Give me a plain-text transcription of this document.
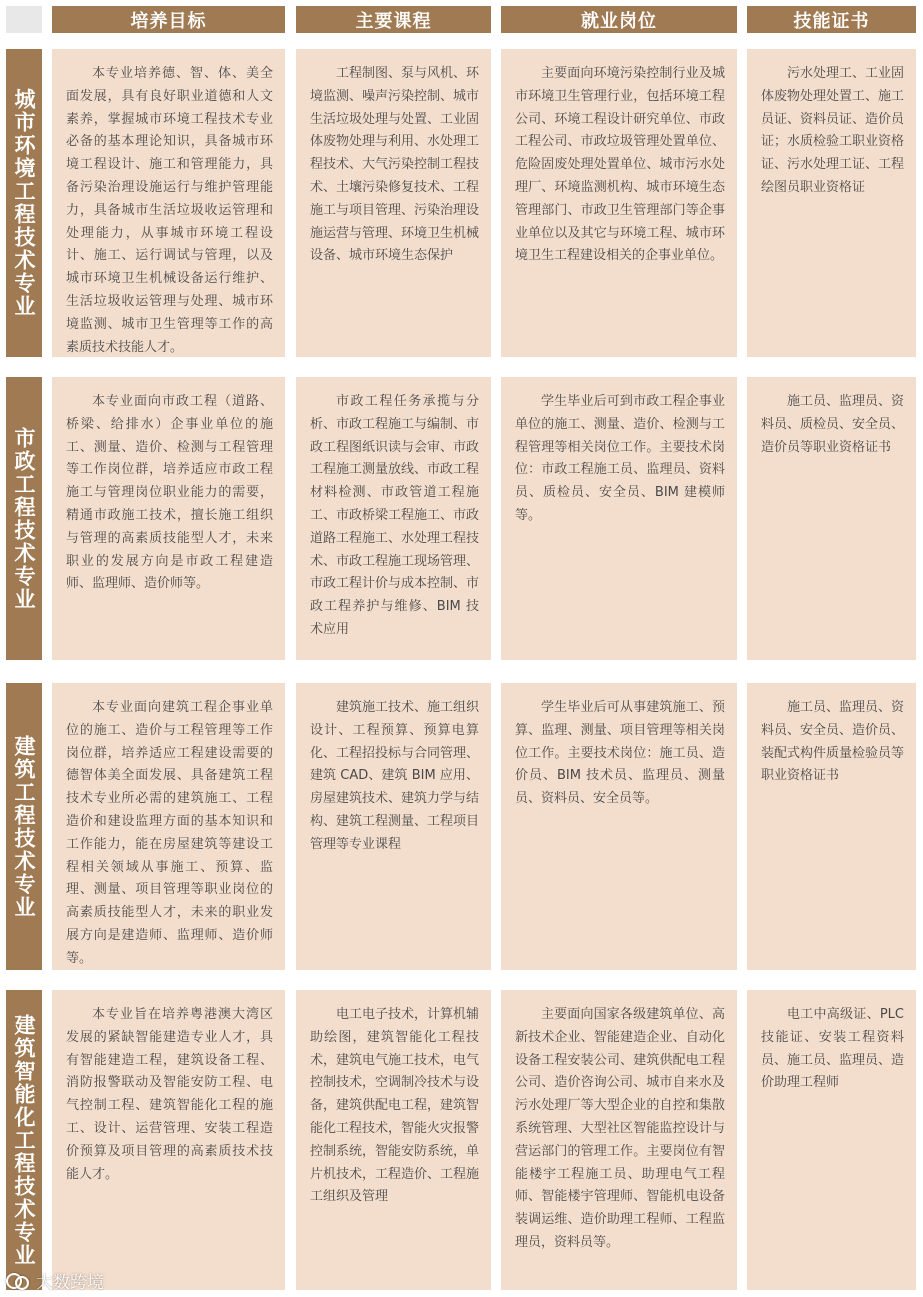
培养目标	主要课程	就业岗位	技能证书
城市环境工程技术专业
本专业培养德、智、体、美全面发展，具有良好职业道德和人文素养，掌握城市环境工程技术专业必备的基本理论知识，具备城市环境工程设计、施工和管理能力，具备污染治理设施运行与维护管理能力，具备城市生活垃圾收运管理和处理能力，从事城市环境工程设计、施工、运行调试与管理，以及城市环境卫生机械设备运行维护、生活垃圾收运管理与处理、城市环境监测、城市卫生管理等工作的高素质技术技能人才。
工程制图、泵与风机、环境监测、噪声污染控制、城市生活垃圾处理与处置、工业固体废物处理与利用、水处理工程技术、大气污染控制工程技术、土壤污染修复技术、工程施工与项目管理、污染治理设施运营与管理、环境卫生机械设备、城市环境生态保护
主要面向环境污染控制行业及城市环境卫生管理行业，包括环境工程公司、环境工程设计研究单位、市政工程公司、市政垃圾管理处置单位、危险固废处理处置单位、城市污水处理厂、环境监测机构、城市环境生态管理部门、市政卫生管理部门等企事业单位以及其它与环境工程、城市环境卫生工程建设相关的企事业单位。
污水处理工、工业固体废物处理处置工、施工员证、资料员证、造价员证；水质检验工职业资格证、污水处理工证、工程绘图员职业资格证
市政工程技术专业
本专业面向市政工程（道路、桥梁、给排水）企事业单位的施工、测量、造价、检测与工程管理等工作岗位群，培养适应市政工程施工与管理岗位职业能力的需要，精通市政施工技术，擅长施工组织与管理的高素质技能型人才，未来职业的发展方向是市政工程建造师、监理师、造价师等。
市政工程任务承揽与分析、市政工程施工与编制、市政工程图纸识读与会审、市政工程施工测量放线、市政工程材料检测、市政管道工程施工、市政桥梁工程施工、市政道路工程施工、水处理工程技术、市政工程施工现场管理、市政工程计价与成本控制、市政工程养护与维修、BIM 技术应用
学生毕业后可到市政工程企事业单位的施工、测量、造价、检测与工程管理等相关岗位工作。主要技术岗位：市政工程施工员、监理员、资料员、质检员、安全员、BIM 建模师等。
施工员、监理员、资料员、质检员、安全员、造价员等职业资格证书
建筑工程技术专业
本专业面向建筑工程企事业单位的施工、造价与工程管理等工作岗位群，培养适应工程建设需要的德智体美全面发展、具备建筑工程技术专业所必需的建筑施工、工程造价和建设监理方面的基本知识和工作能力，能在房屋建筑等建设工程相关领域从事施工、预算、监理、测量、项目管理等职业岗位的高素质技能型人才，未来的职业发展方向是建造师、监理师、造价师等。
建筑施工技术、施工组织设计、工程预算、预算电算化、工程招投标与合同管理、建筑 CAD、建筑 BIM 应用、房屋建筑技术、建筑力学与结构、建筑工程测量、工程项目管理等专业课程
学生毕业后可从事建筑施工、预算、监理、测量、项目管理等相关岗位工作。主要技术岗位：施工员、造价员、BIM 技术员、监理员、测量员、资料员、安全员等。
施工员、监理员、资料员、安全员、造价员、装配式构件质量检验员等职业资格证书
建筑智能化工程技术专业	本专业旨在培养粤港澳大湾区发展的紧缺智能建造专业人才，具有智能建造工程，建筑设备工程、消防报警联动及智能安防工程、电气控制工程、建筑智能化工程的施工、设计、运营管理、安装工程造价预算及项目管理的高素质技术技能人才。
电工电子技术，计算机辅助绘图，建筑智能化工程技术，建筑电气施工技术，电气控制技术，空调制冷技术与设备，建筑供配电工程，建筑智能化工程技术，智能火灾报警控制系统，智能安防系统，单片机技术，工程造价、工程施工组织及管理
主要面向国家各级建筑单位、高新技术企业、智能建造企业、自动化设备工程安装公司、建筑供配电工程公司、造价咨询公司、城市自来水及污水处理厂等大型企业的自控和集散系统管理、大型社区智能监控设计与营运部门的管理工作。主要岗位有智能楼宇工程施工员、助理电气工程师、智能楼宇管理师、智能机电设备装调运维、造价助理工程师、工程监理员，资料员等。
电工中高级证、PLC 技能证、安装工程资料员、施工员、监理员、造价助理工程师
大数跨境
